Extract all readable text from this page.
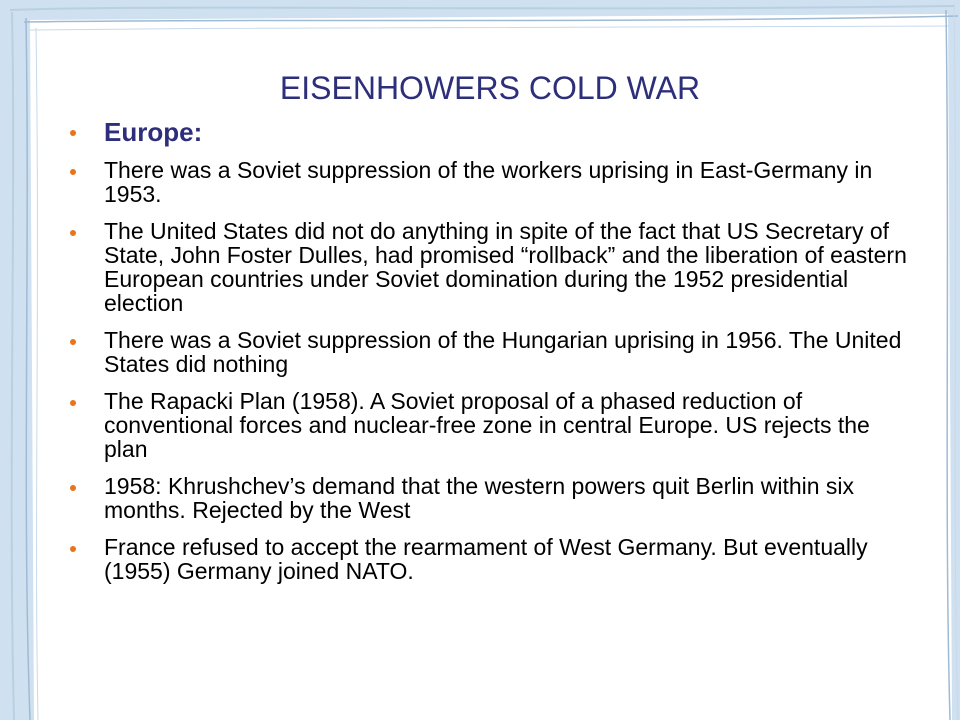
EISENHOWERS COLD WAR
Europe:
There was a Soviet suppression of the workers uprising in East-Germany in 1953.
The United States did not do anything in spite of the fact that US Secretary of State, John Foster Dulles, had promised “rollback” and the liberation of eastern European countries under Soviet domination during the 1952 presidential election
There was a Soviet suppression of the Hungarian uprising in 1956. The United States did nothing
The Rapacki Plan (1958). A Soviet proposal of a phased reduction of conventional forces and nuclear-free zone in central Europe. US rejects the plan
1958: Khrushchev’s demand that the western powers quit Berlin within six months. Rejected by the West
France refused to accept the rearmament of West Germany. But eventually (1955) Germany joined NATO.
